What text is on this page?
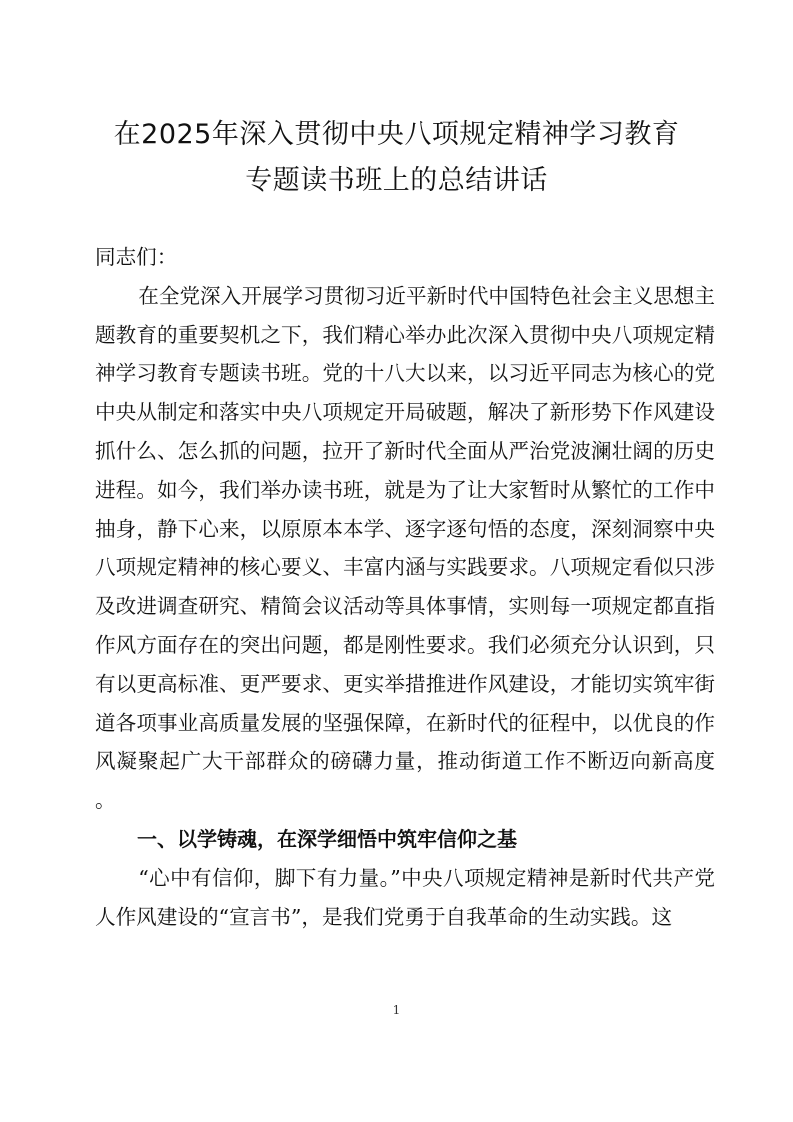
在2025年深入贯彻中央八项规定精神学习教育
专题读书班上的总结讲话

同志们：

在全党深入开展学习贯彻习近平新时代中国特色社会主义思想主题教育的重要契机之下，我们精心举办此次深入贯彻中央八项规定精神学习教育专题读书班。党的十八大以来，以习近平同志为核心的党中央从制定和落实中央八项规定开局破题，解决了新形势下作风建设抓什么、怎么抓的问题，拉开了新时代全面从严治党波澜壮阔的历史进程。如今，我们举办读书班，就是为了让大家暂时从繁忙的工作中抽身，静下心来，以原原本本学、逐字逐句悟的态度，深刻洞察中央八项规定精神的核心要义、丰富内涵与实践要求。八项规定看似只涉及改进调查研究、精简会议活动等具体事情，实则每一项规定都直指作风方面存在的突出问题，都是刚性要求。我们必须充分认识到，只有以更高标准、更严要求、更实举措推进作风建设，才能切实筑牢街道各项事业高质量发展的坚强保障，在新时代的征程中，以优良的作风凝聚起广大干部群众的磅礴力量，推动街道工作不断迈向新高度 。

一、以学铸魂，在深学细悟中筑牢信仰之基

“心中有信仰，脚下有力量。”中央八项规定精神是新时代共产党人作风建设的“宣言书”，是我们党勇于自我革命的生动实践。这

1
